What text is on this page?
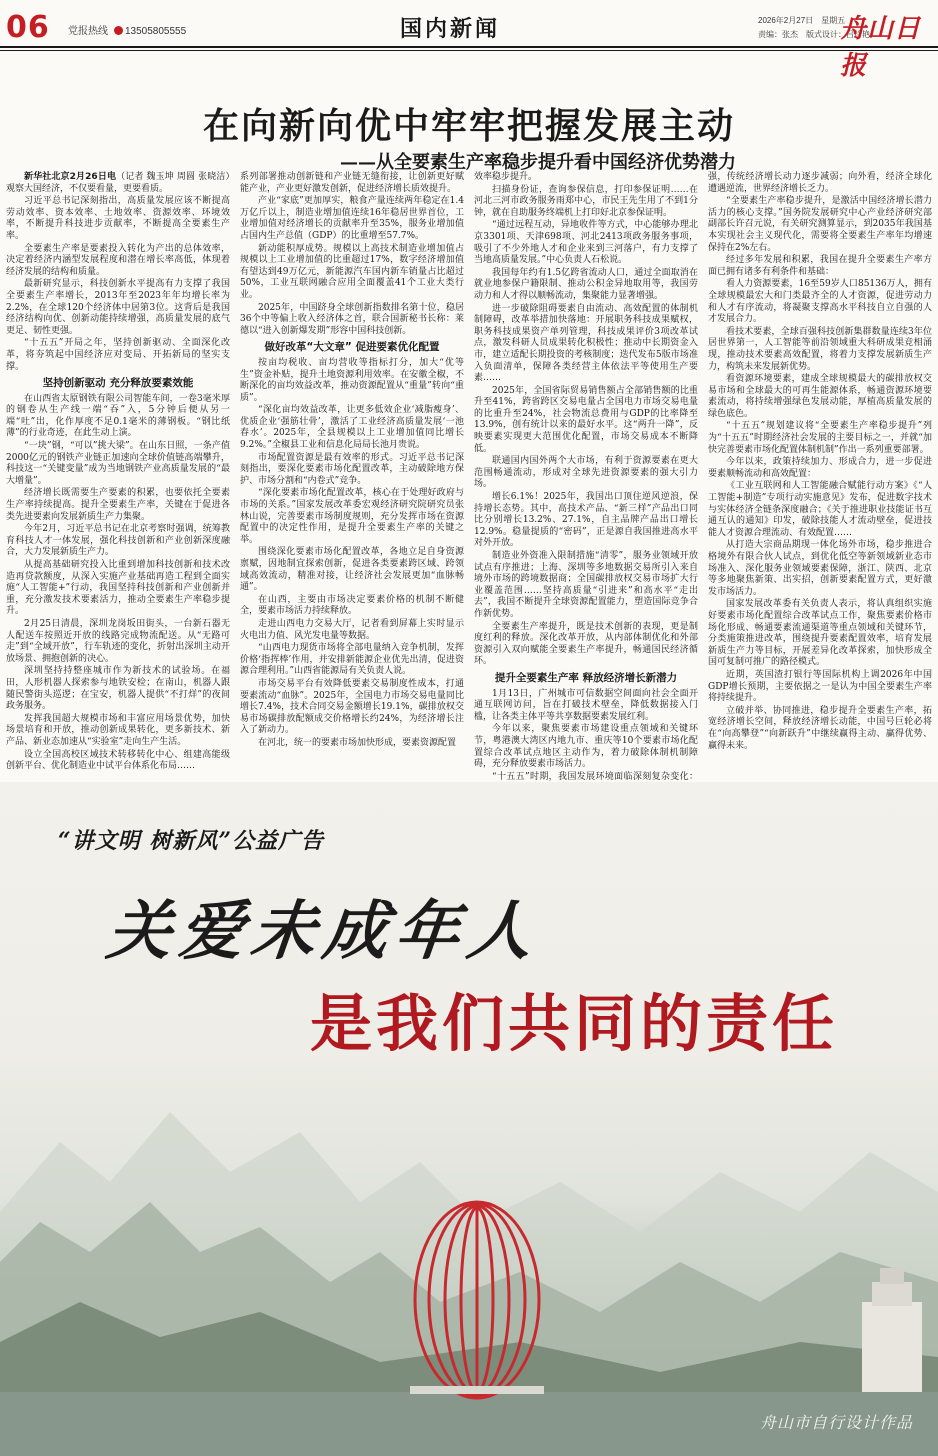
06 党报热线 13505805555	国内新闻	2026年2月27日　星期五
责编：张杰　版式设计：吕玲艳
舟山日报
在向新向优中牢牢把握发展主动
——从全要素生产率稳步提升看中国经济优势潜力

新华社北京2月26日电（记者 魏玉坤 周圆 张晓洁）观察大国经济，不仅要看量，更要看质。

习近平总书记深刻指出，高质量发展应该不断提高劳动效率、资本效率、土地效率、资源效率、环境效率，不断提升科技进步贡献率，不断提高全要素生产率。

全要素生产率是要素投入转化为产出的总体效率，决定着经济内涵型发展程度和潜在增长率高低，体现着经济发展的结构和质量。

最新研究显示，科技创新水平提高有力支撑了我国全要素生产率增长，2013年至2023年年均增长率为2.2%，在全球120个经济体中居第3位。这背后是我国经济结构向优、创新动能持续增强，高质量发展的底气更足、韧性更强。

“十五五”开局之年，坚持创新驱动、全面深化改革，将夯筑起中国经济应对变局、开拓新局的坚实支撑。

坚持创新驱动 充分释放要素效能

在山西省太原钢铁有限公司智能车间，一卷3毫米厚的钢卷从生产线一端“吞”入，5分钟后便从另一端“吐”出，化作厚度不足0.1毫米的薄钢板。“钢比纸薄”的行业奇迹，在此生动上演。

“一块”钢，“可以”挑大梁”。在山东日照，一条产值2000亿元的钢铁产业链正加速向全球价值链高端攀升，科技这一“关键变量”成为当地钢铁产业高质量发展的“最大增量”。

经济增长既需要生产要素的积累，也要依托全要素生产率持续提高。提升全要素生产率，关键在于促进各类先进要素向发展新质生产力集聚。

今年2月，习近平总书记在北京考察时强调，统筹教育科技人才一体发展，强化科技创新和产业创新深度融合，大力发展新质生产力。

从提高基础研究投入比重到增加科技创新和技术改造再贷款额度，从深入实施产业基础再造工程到全面实施“人工智能+”行动，我国坚持科技创新和产业创新并重，充分激发技术要素活力，推动全要素生产率稳步提升。

2月25日清晨，深圳龙岗坂田街头，一台新石器无人配送车按照近开放的线路完成物流配送。从“无路可走”到“全域开放”，行车轨迹的变化，折射出深圳主动开放场景、拥抱创新的决心。

深圳坚持持整座城市作为新技术的试验场。在福田，人形机器人探索参与地铁安检；在南山，机器人跟随民警街头巡逻；在宝安，机器人提供“不打烊”的夜间政务服务。

发挥我国超大规模市场和丰富应用场景优势，加快场景培育和开放，推动创新成果转化，更多新技术、新产品、新业态加速从“实验室”走向生产生活。

设立全国高校区域技术转移转化中心、组建高能级创新平台、优化制造业中试平台体系化布局……

系列部署推动创新链和产业链无缝衔接，让创新更好赋能产业，产业更好激发创新，促进经济增长质效提升。

产业“家底”更加厚实，粮食产量连续两年稳定在1.4万亿斤以上，制造业增加值连续16年稳居世界首位，工业增加值对经济增长的贡献率升至35%，服务业增加值占国内生产总值（GDP）的比重增至57.7%。

新动能积厚成势。规模以上高技术制造业增加值占规模以上工业增加值的比重超过17%，数字经济增加值有望达到49万亿元，新能源汽车国内新车销量占比超过50%，工业互联网融合应用全面覆盖41个工业大类行业。

2025年，中国跻身全球创新指数排名第十位，稳居36个中等偏上收入经济体之首，联合国新秘书长称：莱德以“进入创新爆发期”形容中国科技创新。

做好改革“大文章” 促进要素优化配置

按亩均税收、亩均营收等指标打分，加大“优等生”资金补贴，提升土地资源利用效率。在安徽全椒，不断深化的亩均效益改革，推动资源配置从“重量”转向“重质”。

“深化亩均效益改革，让更多低效企业‘减脂瘦身’、优质企业‘强筋壮骨’，激活了工业经济高质量发展‘一池春水’。2025年，全县规模以上工业增加值同比增长9.2%。”全椒县工业和信息化局局长池月贵说。

市场配置资源是最有效率的形式。习近平总书记深刻指出，要深化要素市场化配置改革，主动破除地方保护、市场分割和“内卷式”竞争。

“深化要素市场化配置改革，核心在于处理好政府与市场的关系。”国家发展改革委宏观经济研究院研究员张林山说，完善要素市场制度规则，充分发挥市场在资源配置中的决定性作用，是提升全要素生产率的关键之举。

围绕深化要素市场化配置改革，各地立足自身资源禀赋，因地制宜探索创新，促进各类要素跨区域、跨领域高效流动，精准对接，让经济社会发展更加“血脉畅通”。

在山西，主要由市场决定要素价格的机制不断健全，要素市场活力持续释放。

走进山西电力交易大厅，记者看到屏幕上实时显示火电出力值、风光发电量等数据。

“山西电力现货市场将全部电量纳入竞争机制，发挥价格‘指挥棒’作用，并安排新能源企业优先出清，促进资源合理利用。”山西省能源局有关负责人说。

市场交易平台有效降低要素交易制度性成本，打通要素流动“血脉”。2025年，全国电力市场交易电量同比增长7.4%，技术合同交易金额增长19.1%，碳排放权交易市场碳排放配额成交价格增长约24%，为经济增长注入了新动力。

在河北，统一的要素市场加快形成，要素资源配置

效率稳步提升。

扫描身份证，查询参保信息，打印参保证明……在河北三河市政务服务雨郑中心，市民王先生用了不到1分钟，就在自助服务终端机上打印好北京参保证明。

“通过远程互动，异地收件等方式，中心能够办理北京3301项、天津698项、河北2413项政务服务事项，吸引了不少外地人才和企业来到三河落户，有力支撑了当地高质量发展。”中心负责人石松说。

我国每年约有1.5亿跨省流动人口，通过全面取消在就业地参保户籍限制、推动公积金异地取用等，我国劳动力和人才得以顺畅流动，集聚能力显著增强。

进一步破除阻碍要素自由流动、高效配置的体制机制障碍，改革举措加快落地：开展职务科技成果赋权，职务科技成果资产单列管理，科技成果评价3项改革试点，激发科研人员成果转化积极性；推动中长期资金入市，建立适配长期投资的考核制度；迭代发布5版市场准入负面清单，保障各类经营主体依法平等使用生产要素……

2025年，全国省际贸易销售额占全部销售额的比重升至41%，跨省跨区交易电量占全国电力市场交易电量的比重升至24%，社会物流总费用与GDP的比率降至13.9%，创有统计以来的最好水平。这“两升一降”，反映要素实现更大范围优化配置，市场交易成本不断降低。

联通国内国外两个大市场，有利于资源要素在更大范围畅通流动，形成对全球先进资源要素的强大引力场。

增长6.1%！2025年，我国出口顶住逆风逆浪，保持增长态势。其中，高技术产品、“新三样”产品出口同比分别增长13.2%、27.1%，自主品牌产品出口增长12.9%。稳量提质的“密码”，正是源自我国推进高水平对外开放。

制造业外资准入限制措施“清零”，服务业领域开放试点有序推进；上海、深圳等多地数据交易所引入来自境外市场的跨境数据商；全国碳排放权交易市场扩大行业覆盖范围……坚持高质量“引进来”和高水平“走出去”，我国不断提升全球资源配置能力，塑造国际竞争合作新优势。

全要素生产率提升，既是技术创新的表现，更是制度红利的释放。深化改革开放，从内部体制优化和外部资源引入双向赋能全要素生产率提升，畅通国民经济循环。

提升全要素生产率 释放经济增长新潜力

1月13日，广州城市可信数据空间面向社会全面开通互联网访问，旨在打破技术壁垒，降低数据接入门槛，让各类主体平等共享数据要素发展红利。

今年以来，聚焦要素市场建设重点领域和关键环节，粤港澳大湾区内地九市、重庆等10个要素市场化配置综合改革试点地区主动作为，着力破除体制机制障碍，充分释放要素市场活力。

“十五五”时期，我国发展环境面临深刻复杂变化：

强，传统经济增长动力逐步减弱；向外看，经济全球化遭遇逆流，世界经济增长乏力。

“全要素生产率稳步提升，是激活中国经济增长潜力活力的核心支撑。”国务院发展研究中心产业经济研究部副部长许召元说，有关研究测算显示，到2035年我国基本实现社会主义现代化，需要将全要素生产率年均增速保持在2%左右。

经过多年发展和积累，我国在提升全要素生产率方面已拥有诸多有利条件和基础：

看人力资源要素，16至59岁人口85136万人，拥有全球规模最宏大和门类最齐全的人才资源，促进劳动力和人才有序流动，将凝聚支撑高水平科技自立自强的人才发展合力。

看技术要素，全球百强科技创新集群数量连续3年位居世界第一，人工智能等前沿领域重大科研成果竞相涌现，推动技术要素高效配置，将着力支撑发展新质生产力，构筑未来发展新优势。

看资源环境要素，建成全球规模最大的碳排放权交易市场和全球最大的可再生能源体系，畅通资源环境要素流动，将持续增强绿色发展动能，厚植高质量发展的绿色底色。

“十五五”规划建议将“全要素生产率稳步提升”列为“十五五”时期经济社会发展的主要目标之一，并就“加快完善要素市场化配置体制机制”作出一系列重要部署。

今年以来，政策持续加力、形成合力，进一步促进要素顺畅流动和高效配置：

《工业互联网和人工智能融合赋能行动方案》《“人工智能+制造”专项行动实施意见》发布，促进数字技术与实体经济全链条深度融合；《关于推进职业技能证书互通互认的通知》印发，破除技能人才流动壁垒，促进技能人才资源合理流动、有效配置……

从打造大宗商品期现一体化场外市场，稳步推进合格境外有限合伙人试点，到优化低空等新领域新业态市场准入、深化服务业领域要素保障，浙江、陕西、北京等多地聚焦新策、出实招，创新要素配置方式，更好激发市场活力。

国家发展改革委有关负责人表示，将认真组织实施好要素市场化配置综合改革试点工作，聚焦要素价格市场化形成、畅通要素流通渠道等重点领域和关键环节，分类施策推进改革，围绕提升要素配置效率，培育发展新质生产力等目标，开展差异化改革探索，加快形成全国可复制可推广的路径模式。

近期，英国渣打银行等国际机构上调2026年中国GDP增长预期，主要依据之一是认为中国全要素生产率将持续提升。

立破并举、协同推进，稳步提升全要素生产率，拓宽经济增长空间，释放经济增长动能，中国号巨轮必将在“向高攀登”“向新跃升”中继续赢得主动、赢得优势、赢得未来。

“讲文明 树新风”公益广告
关爱未成年人
是我们共同的责任
舟山市自行设计作品
